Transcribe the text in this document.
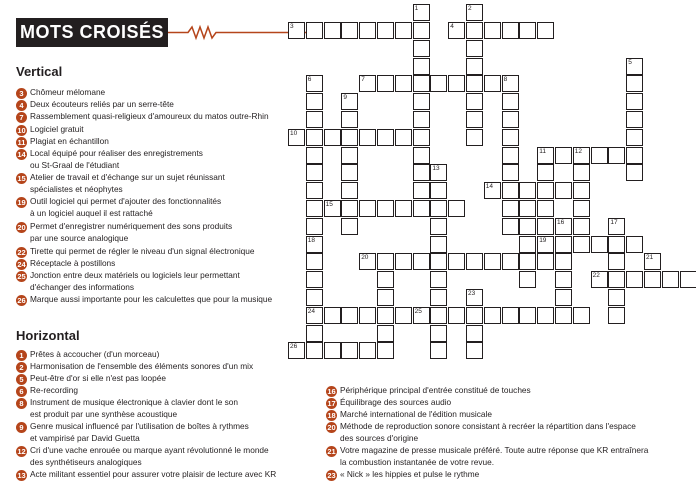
MOTS CROISÉS
Vertical
3 Chômeur mélomane
4 Deux écouteurs reliés par un serre-tête
7 Rassemblement quasi-religieux d'amoureux du matos outre-Rhin
10 Logiciel gratuit
11 Plagiat en échantillon
14 Local équipé pour réaliser des enregistrements
ou St-Graal de l'étudiant
15 Atelier de travail et d'échange sur un sujet réunissant
spécialistes et néophytes
19 Outil logiciel qui permet d'ajouter des fonctionnalités
à un logiciel auquel il est rattaché
20 Permet d'enregistrer numériquement des sons produits
par une source analogique
22 Tirette qui permet de régler le niveau d'un signal électronique
24 Réceptacle à postillons
25 Jonction entre deux matériels ou logiciels leur permettant
d'échanger des informations
26 Marque aussi importante pour les calculettes que pour la musique
Horizontal
1 Prêtes à accoucher (d'un morceau)
2 Harmonisation de l'ensemble des éléments sonores d'un mix
5 Peut-être d'or si elle n'est pas loopée
6 Re-recording
8 Instrument de musique électronique à clavier dont le son
est produit par une synthèse acoustique
9 Genre musical influencé par l'utilisation de boîtes à rythmes
et vampirisé par David Guetta
12 Cri d'une vache enrouée ou marque ayant révolutionné le monde
des synthétiseurs analogiques
13 Acte militant essentiel pour assurer votre plaisir de lecture avec KR
16 Périphérique principal d'entrée constitué de touches
17 Équilibrage des sources audio
18 Marché international de l'édition musicale
20 Méthode de reproduction sonore consistant à recréer la répartition dans l'espace
des sources d'origine
21 Votre magazine de presse musicale préféré. Toute autre réponse que KR entraînera
la combustion instantanée de votre revue.
23 « Nick » les hippies et pulse le rythme
1	2
3	4
5
6	7	8
9
10
11	12
13
14
15
16	17
18	19
20	21
22
23
24	25
26
